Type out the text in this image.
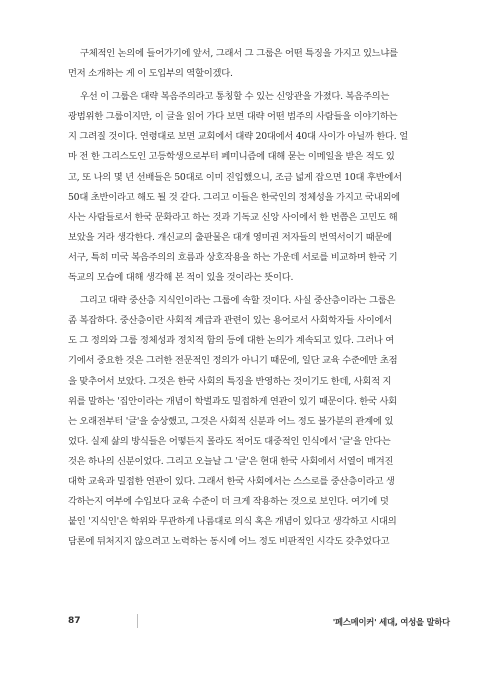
구체적인 논의에 들어가기에 앞서, 그래서 그 그룹은 어떤 특징을 가지고 있느냐를
먼저 소개하는 게 이 도입부의 역할이겠다.
우선 이 그룹은 대략 복음주의라고 통칭할 수 있는 신앙관을 가졌다. 복음주의는
광범위한 그룹이지만, 이 글을 읽어 가다 보면 대략 어떤 범주의 사람들을 이야기하는
지 그려질 것이다. 연령대로 보면 교회에서 대략 20대에서 40대 사이가 아닐까 한다. 얼
마 전 한 그리스도인 고등학생으로부터 페미니즘에 대해 묻는 이메일을 받은 적도 있
고, 또 나의 몇 년 선배들은 50대로 이미 진입했으니, 조금 넓게 잡으면 10대 후반에서
50대 초반이라고 해도 될 것 같다. 그리고 이들은 한국인의 정체성을 가지고 국내외에
사는 사람들로서 한국 문화라고 하는 것과 기독교 신앙 사이에서 한 번쯤은 고민도 해
보았을 거라 생각한다. 개신교의 출판물은 대개 영미권 저자들의 번역서이기 때문에
서구, 특히 미국 복음주의의 흐름과 상호작용을 하는 가운데 서로를 비교하며 한국 기
독교의 모습에 대해 생각해 본 적이 있을 것이라는 뜻이다.
그리고 대략 중산층 지식인이라는 그룹에 속할 것이다. 사실 중산층이라는 그룹은
좀 복잡하다. 중산층이란 사회적 계급과 관련이 있는 용어로서 사회학자들 사이에서
도 그 정의와 그룹 정체성과 정치적 함의 등에 대한 논의가 계속되고 있다. 그러나 여
기에서 중요한 것은 그러한 전문적인 정의가 아니기 때문에, 일단 교육 수준에만 초점
을 맞추어서 보았다. 그것은 한국 사회의 특징을 반영하는 것이기도 한데, 사회적 지
위를 말하는 '집안이라는 개념이 학벌과도 밀접하게 연관이 있기 때문이다. 한국 사회
는 오래전부터 '글'을 숭상했고, 그것은 사회적 신분과 어느 정도 불가분의 관계에 있
었다. 실제 삶의 방식들은 어떻든지 몰라도 적어도 대중적인 인식에서 '글'을 안다는
것은 하나의 신분이었다. 그리고 오늘날 그 '글'은 현대 한국 사회에서 서열이 매겨진
대학 교육과 밀접한 연관이 있다. 그래서 한국 사회에서는 스스로를 중산층이라고 생
각하는지 여부에 수입보다 교육 수준이 더 크게 작용하는 것으로 보인다. 여기에 덧
붙인 '지식인'은 학위와 무관하게 나름대로 의식 혹은 개념이 있다고 생각하고 시대의
담론에 뒤처지지 않으려고 노력하는 동시에 어느 정도 비판적인 시각도 갖추었다고
87	'페스메이커' 세대, 여성을 말하다
